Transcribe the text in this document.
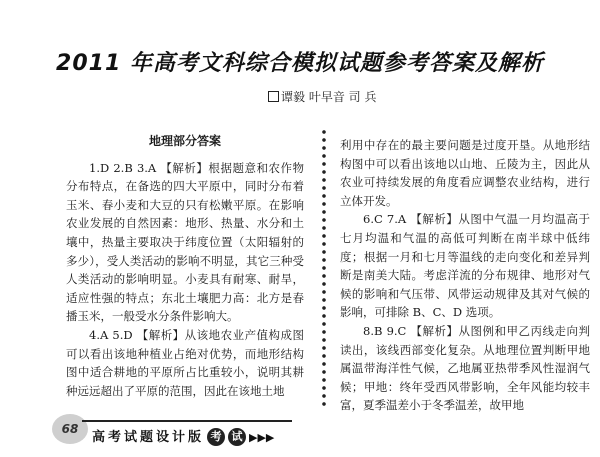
2011 年高考文科综合模拟试题参考答案及解析
谭毅 叶早音 司 兵
地理部分答案

1.D 2.B 3.A 【解析】根据题意和农作物分布特点，在备选的四大平原中，同时分布着玉米、春小麦和大豆的只有松嫩平原。在影响农业发展的自然因素：地形、热量、水分和土壤中，热量主要取决于纬度位置（太阳辐射的多少），受人类活动的影响不明显，其它三种受人类活动的影响明显。小麦具有耐寒、耐旱，适应性强的特点；东北土壤肥力高：北方是春播玉米，一般受水分条件影响大。

4.A 5.D 【解析】从该地农业产值构成图可以看出该地种植业占绝对优势，而地形结构图中适合耕地的平原所占比重较小，说明其耕种远远超出了平原的范围，因此在该地土地

利用中存在的最主要问题是过度开垦。从地形结构图中可以看出该地以山地、丘陵为主，因此从农业可持续发展的角度看应调整农业结构，进行立体开发。

6.C 7.A 【解析】从图中气温一月均温高于七月均温和气温的高低可判断在南半球中低纬度；根据一月和七月等温线的走向变化和差异判断是南美大陆。考虑洋流的分布规律、地形对气候的影响和气压带、风带运动规律及其对气候的影响，可排除 B、C、D 选项。

8.B 9.C 【解析】从图例和甲乙丙线走向判读出，该线西部变化复杂。从地理位置判断甲地属温带海洋性气候，乙地属亚热带季风性湿润气候；甲地：终年受西风带影响，全年风能均较丰富，夏季温差小于冬季温差，故甲地

68
高考试题设计版 考 试 ▶▶▶
